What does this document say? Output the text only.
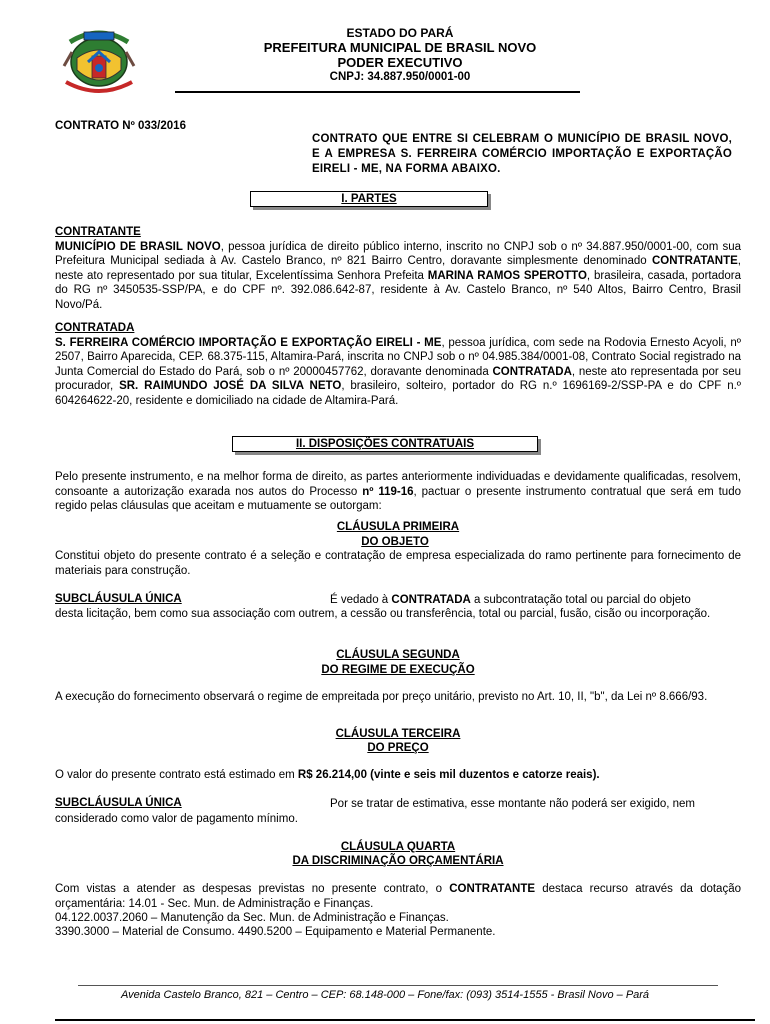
ESTADO DO PARÁ
PREFEITURA MUNICIPAL DE BRASIL NOVO
PODER EXECUTIVO
CNPJ: 34.887.950/0001-00
CONTRATO Nº 033/2016
CONTRATO QUE ENTRE SI CELEBRAM O MUNICÍPIO DE BRASIL NOVO, E A EMPRESA S. FERREIRA COMÉRCIO IMPORTAÇÃO E EXPORTAÇÃO EIRELI - ME, NA FORMA ABAIXO.
I. PARTES
CONTRATANTE
MUNICÍPIO DE BRASIL NOVO, pessoa jurídica de direito público interno, inscrito no CNPJ sob o nº 34.887.950/0001-00, com sua Prefeitura Municipal sediada à Av. Castelo Branco, nº 821 Bairro Centro, doravante simplesmente denominado CONTRATANTE, neste ato representado por sua titular, Excelentíssima Senhora Prefeita MARINA RAMOS SPEROTTO, brasileira, casada, portadora do RG nº 3450535-SSP/PA, e do CPF nº. 392.086.642-87, residente à Av. Castelo Branco, nº 540 Altos, Bairro Centro, Brasil Novo/Pá.
CONTRATADA
S. FERREIRA COMÉRCIO IMPORTAÇÃO E EXPORTAÇÃO EIRELI - ME, pessoa jurídica, com sede na Rodovia Ernesto Acyoli, nº 2507, Bairro Aparecida, CEP. 68.375-115, Altamira-Pará, inscrita no CNPJ sob o nº 04.985.384/0001-08, Contrato Social registrado na Junta Comercial do Estado do Pará, sob o nº 20000457762, doravante denominada CONTRATADA, neste ato representada por seu procurador, SR. RAIMUNDO JOSÉ DA SILVA NETO, brasileiro, solteiro, portador do RG n.º 1696169-2/SSP-PA e do CPF n.º 604264622-20, residente e domiciliado na cidade de Altamira-Pará.
II. DISPOSIÇÕES CONTRATUAIS
Pelo presente instrumento, e na melhor forma de direito, as partes anteriormente individuadas e devidamente qualificadas, resolvem, consoante a autorização exarada nos autos do Processo nº 119-16, pactuar o presente instrumento contratual que será em tudo regido pelas cláusulas que aceitam e mutuamente se outorgam:
CLÁUSULA PRIMEIRA
DO OBJETO
Constitui objeto do presente contrato é a seleção e contratação de empresa especializada do ramo pertinente para fornecimento de materiais para construção.
SUBCLÁUSULA ÚNICA	É vedado à CONTRATADA a subcontratação total ou parcial do objeto
desta licitação, bem como sua associação com outrem, a cessão ou transferência, total ou parcial, fusão, cisão ou incorporação.
CLÁUSULA SEGUNDA
DO REGIME DE EXECUÇÃO
A execução do fornecimento observará o regime de empreitada por preço unitário, previsto no Art. 10, II, "b", da Lei nº 8.666/93.
CLÁUSULA TERCEIRA
DO PREÇO
O valor do presente contrato está estimado em R$ 26.214,00 (vinte e seis mil duzentos e catorze reais).
SUBCLÁUSULA ÚNICA	Por se tratar de estimativa, esse montante não poderá ser exigido, nem
considerado como valor de pagamento mínimo.
CLÁUSULA QUARTA
DA DISCRIMINAÇÃO ORÇAMENTÁRIA
Com vistas a atender as despesas previstas no presente contrato, o CONTRATANTE destaca recurso através da dotação orçamentária: 14.01 - Sec. Mun. de Administração e Finanças.
04.122.0037.2060 – Manutenção da Sec. Mun. de Administração e Finanças.
3390.3000 – Material de Consumo. 4490.5200 – Equipamento e Material Permanente.
Avenida Castelo Branco, 821 – Centro – CEP: 68.148-000 – Fone/fax: (093) 3514-1555 - Brasil Novo – Pará
